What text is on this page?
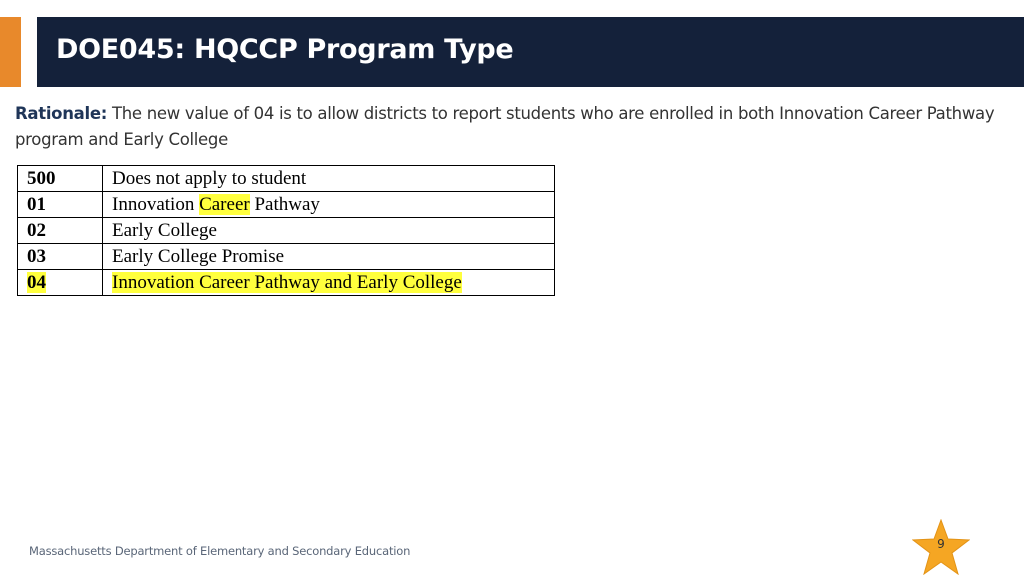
DOE045: HQCCP Program Type
Rationale: The new value of 04 is to allow districts to report students who are enrolled in both Innovation Career Pathway program and Early College
500	Does not apply to student
01	Innovation Career Pathway
02	Early College
03	Early College Promise
04	Innovation Career Pathway and Early College
Massachusetts Department of Elementary and Secondary Education	9
